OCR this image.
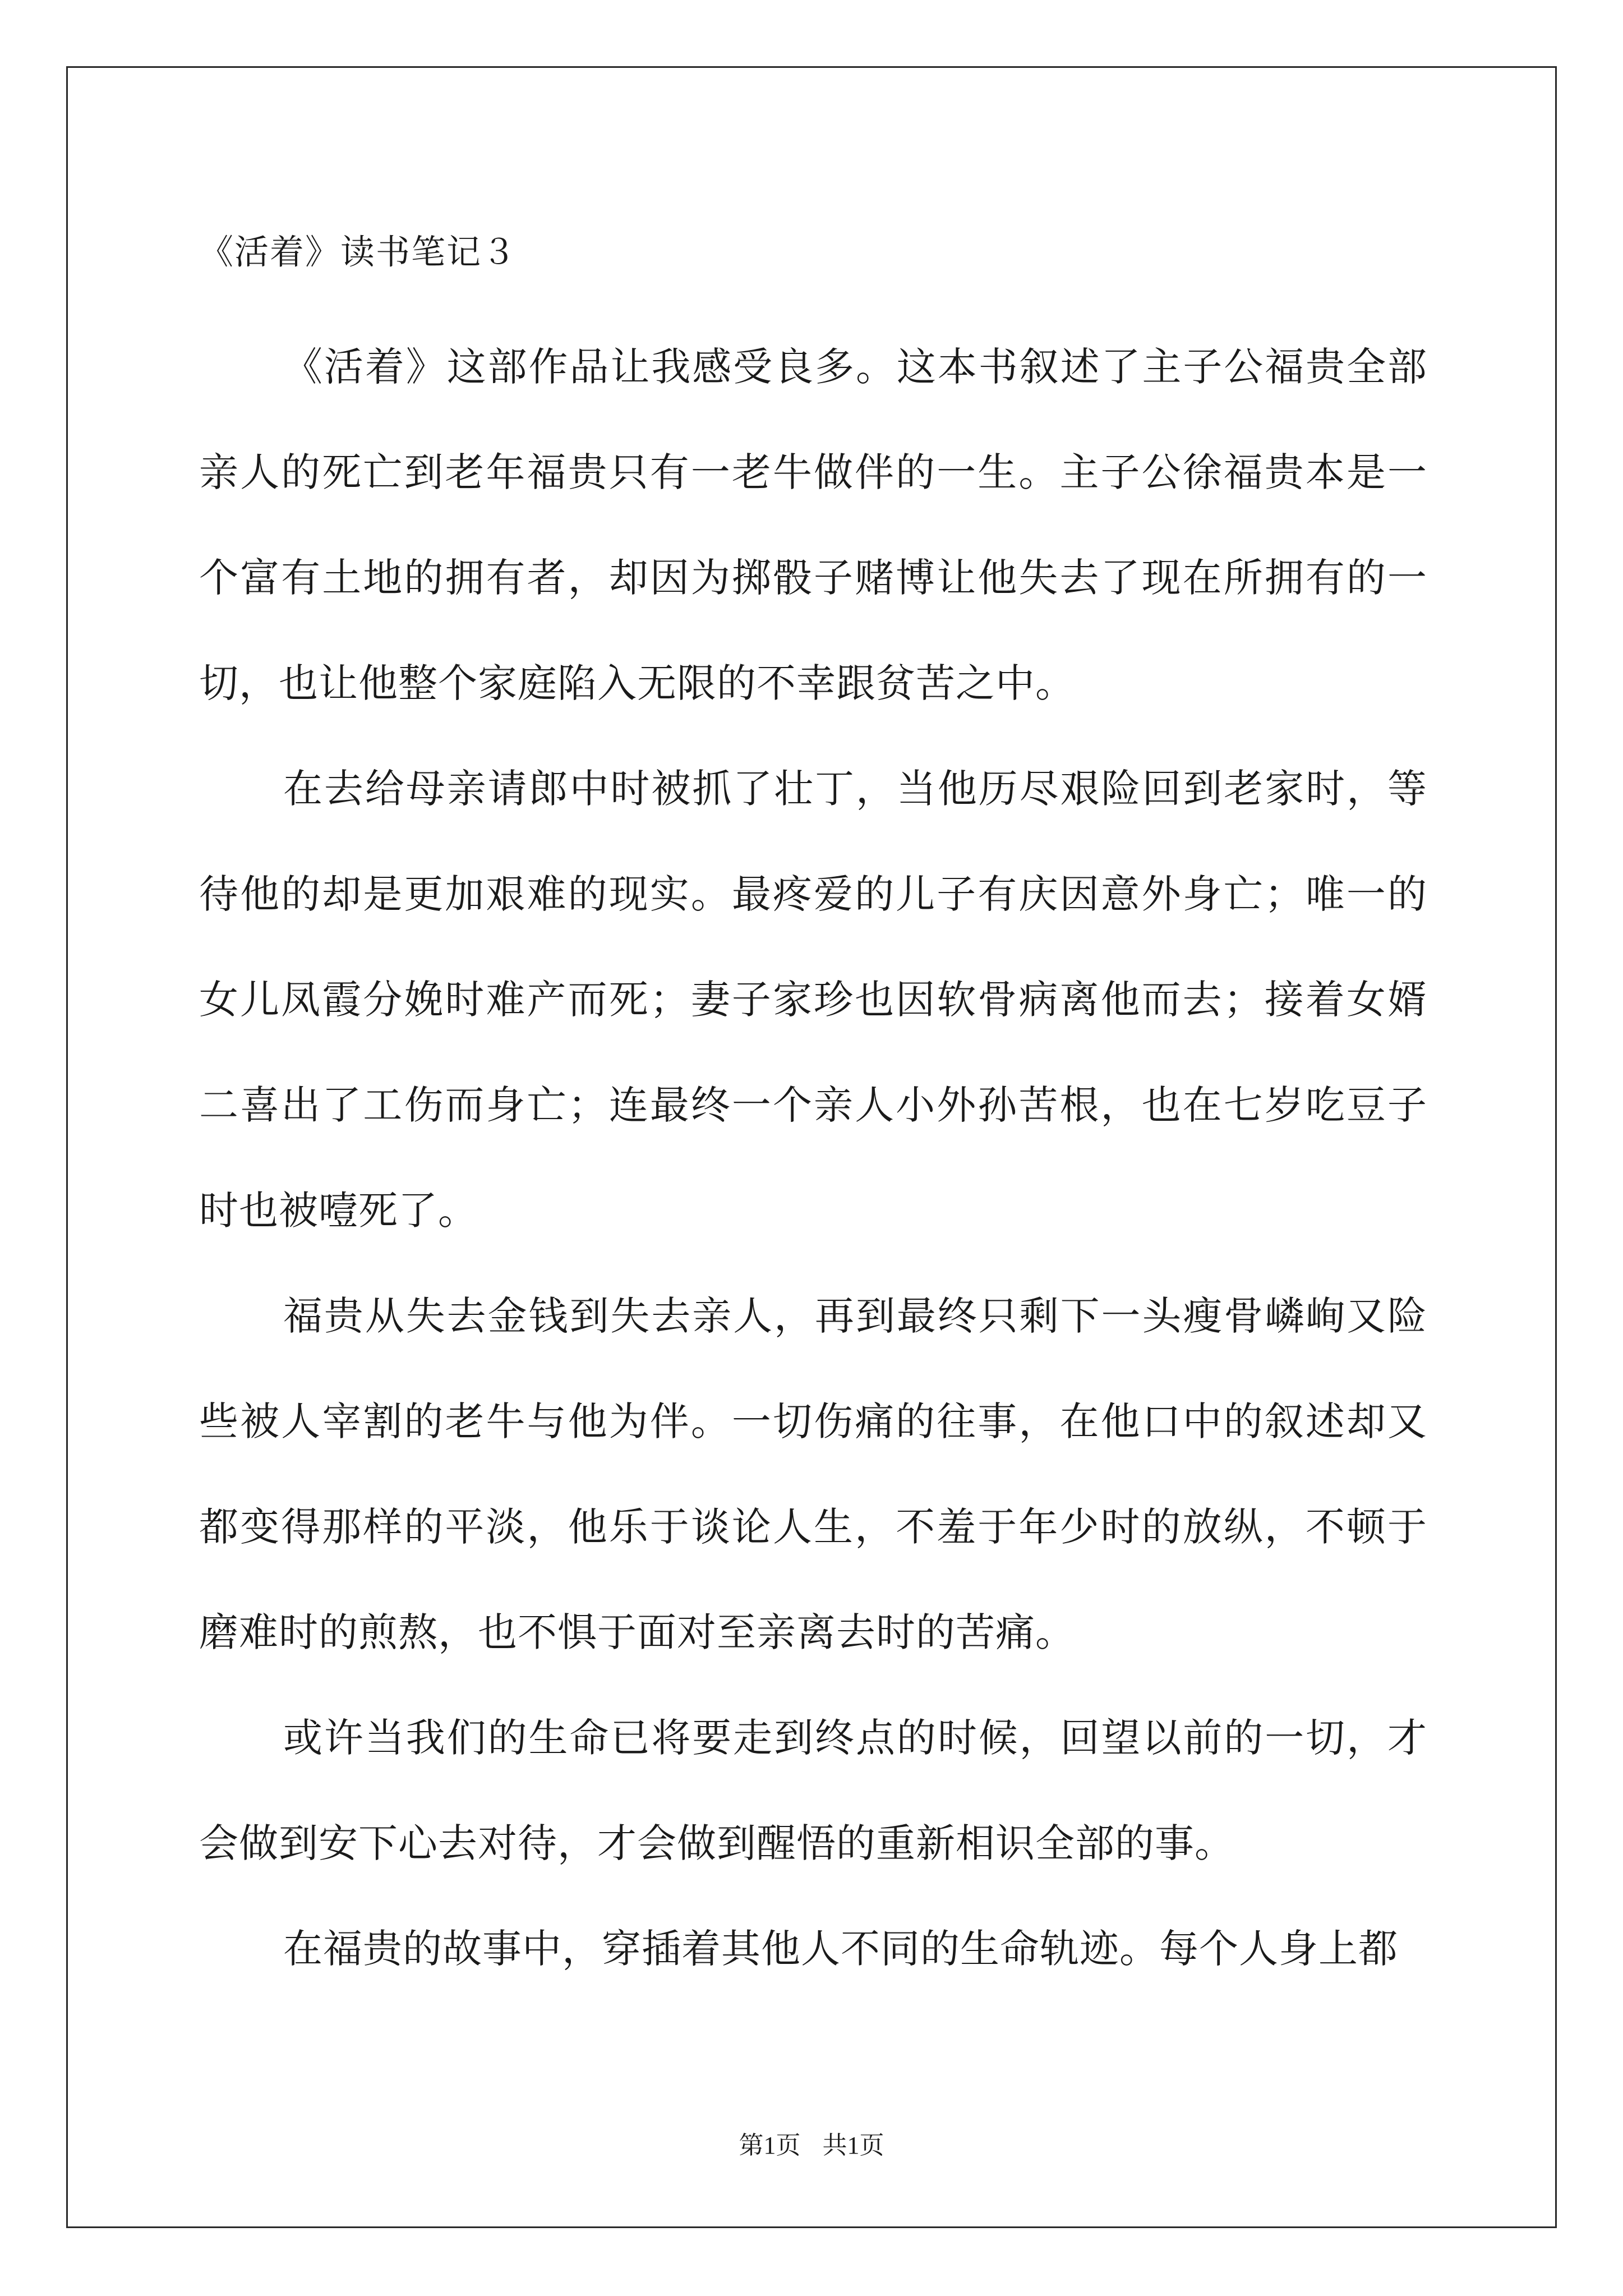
《活着》读书笔记３

《活着》这部作品让我感受良多。这本书叙述了主子公福贵全部亲人的死亡到老年福贵只有一老牛做伴的一生。主子公徐福贵本是一个富有土地的拥有者，却因为掷骰子赌博让他失去了现在所拥有的一切，也让他整个家庭陷入无限的不幸跟贫苦之中。

在去给母亲请郎中时被抓了壮丁，当他历尽艰险回到老家时，等待他的却是更加艰难的现实。最疼爱的儿子有庆因意外身亡；唯一的女儿凤霞分娩时难产而死；妻子家珍也因软骨病离他而去；接着女婿二喜出了工伤而身亡；连最终一个亲人小外孙苦根，也在七岁吃豆子时也被噎死了。

福贵从失去金钱到失去亲人，再到最终只剩下一头瘦骨嶙峋又险些被人宰割的老牛与他为伴。一切伤痛的往事，在他口中的叙述却又都变得那样的平淡，他乐于谈论人生，不羞于年少时的放纵，不顿于磨难时的煎熬，也不惧于面对至亲离去时的苦痛。

或许当我们的生命已将要走到终点的时候，回望以前的一切，才会做到安下心去对待，才会做到醒悟的重新相识全部的事。

在福贵的故事中，穿插着其他人不同的生命轨迹。每个人身上都

第1页 共1页
